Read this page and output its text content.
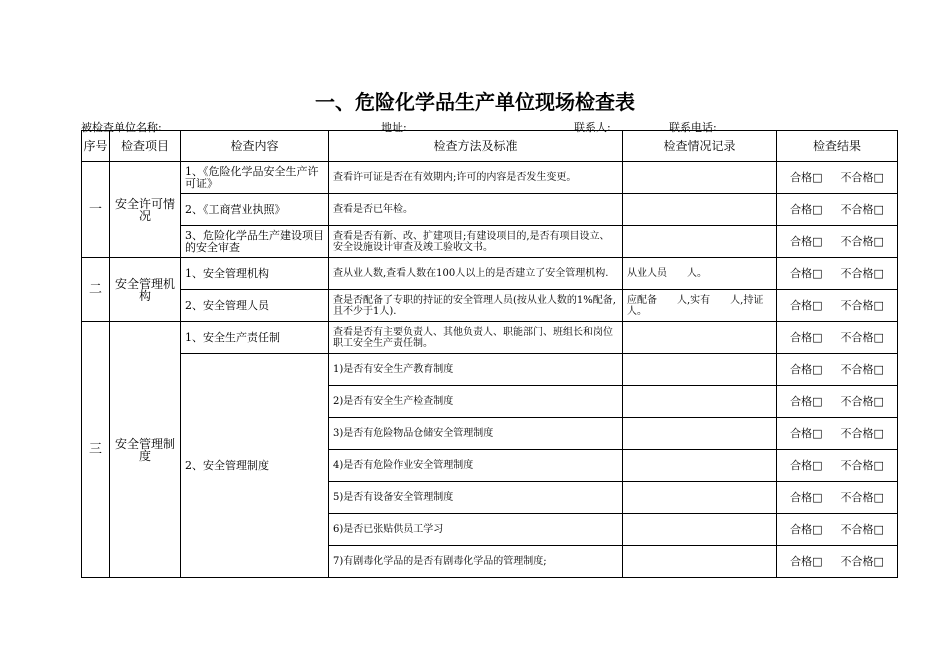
一、危险化学品生产单位现场检查表
被检查单位名称:	地址:	联系人:	联系电话:
序号	检查项目	检查内容	检查方法及标准	检查情况记录	检查结果
一	安全许可情况	1、《危险化学品安全生产许可证》	查看许可证是否在有效期内;许可的内容是否发生变更。		合格□ 不合格□
		2、《工商营业执照》	查看是否已年检。		合格□ 不合格□
		3、危险化学品生产建设项目的安全审查	查看是否有新、改、扩建项目;有建设项目的,是否有项目设立、安全设施设计审查及竣工验收文书。		合格□ 不合格□
二	安全管理机构	1、安全管理机构	查从业人数,查看人数在100人以上的是否建立了安全管理机构.	从业人员　　人。	合格□ 不合格□
		2、安全管理人员	查是否配备了专职的持证的安全管理人员(按从业人数的1%配备,且不少于1人).	应配备　　人,实有　　人,持证　　人。	合格□ 不合格□
三	安全管理制度	1、安全生产责任制	查看是否有主要负责人、其他负责人、职能部门、班组长和岗位职工安全生产责任制。		合格□ 不合格□
		2、安全管理制度	1)是否有安全生产教育制度		合格□ 不合格□
			2)是否有安全生产检查制度		合格□ 不合格□
			3)是否有危险物品仓储安全管理制度		合格□ 不合格□
			4)是否有危险作业安全管理制度		合格□ 不合格□
			5)是否有设备安全管理制度		合格□ 不合格□
			6)是否已张贴供员工学习		合格□ 不合格□
			7)有剧毒化学品的是否有剧毒化学品的管理制度;		合格□ 不合格□
